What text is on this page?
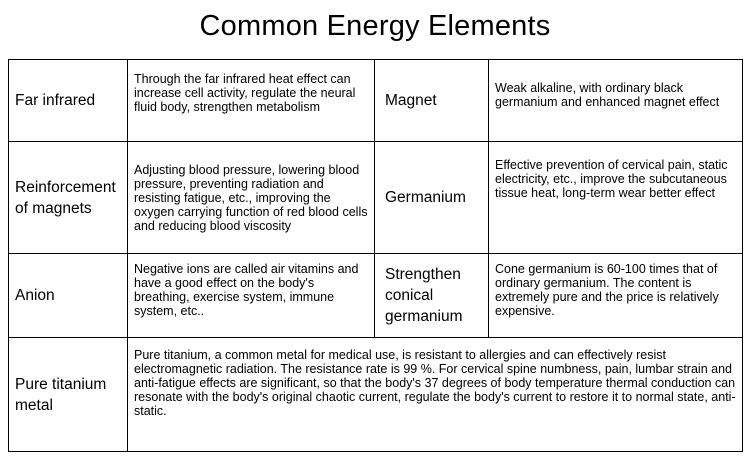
Common Energy Elements
Far infrared	Through the far infrared heat effect can increase cell activity, regulate the neural fluid body, strengthen metabolism	Magnet	Weak alkaline, with ordinary black germanium and enhanced magnet effect
Reinforcement of magnets	Adjusting blood pressure, lowering blood pressure, preventing radiation and resisting fatigue, etc., improving the oxygen carrying function of red blood cells and reducing blood viscosity	Germanium	Effective prevention of cervical pain, static electricity, etc., improve the subcutaneous tissue heat, long-term wear better effect
Anion	Negative ions are called air vitamins and have a good effect on the body's breathing, exercise system, immune system, etc..	Strengthen conical germanium	Cone germanium is 60-100 times that of ordinary germanium. The content is extremely pure and the price is relatively expensive.
Pure titanium metal	Pure titanium, a common metal for medical use, is resistant to allergies and can effectively resist electromagnetic radiation. The resistance rate is 99 %. For cervical spine numbness, pain, lumbar strain and anti-fatigue effects are significant, so that the body's 37 degrees of body temperature thermal conduction can resonate with the body's original chaotic current, regulate the body's current to restore it to normal state, anti-static.		
